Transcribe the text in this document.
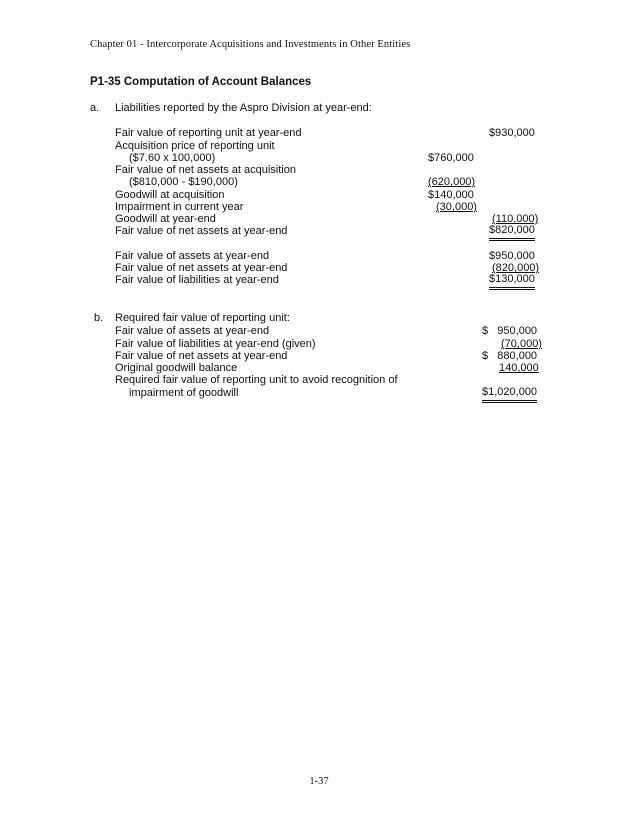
Chapter 01 - Intercorporate Acquisitions and Investments in Other Entities
P1-35 Computation of Account Balances
a. Liabilities reported by the Aspro Division at year-end:
Fair value of reporting unit at year-end	$930,000
Acquisition price of reporting unit
($7.60 x 100,000)	$760,000
Fair value of net assets at acquisition
($810,000 - $190,000)	(620,000)
Goodwill at acquisition	$140,000
Impairment in current year	(30,000)
Goodwill at year-end	(110,000)
Fair value of net assets at year-end	$820,000
Fair value of assets at year-end	$950,000
Fair value of net assets at year-end	(820,000)
Fair value of liabilities at year-end	$130,000
b. Required fair value of reporting unit:
Fair value of assets at year-end	$   950,000
Fair value of liabilities at year-end (given)	(70,000)
Fair value of net assets at year-end	$   880,000
Original goodwill balance	140,000
Required fair value of reporting unit to avoid recognition of
impairment of goodwill	$1,020,000
1-37
